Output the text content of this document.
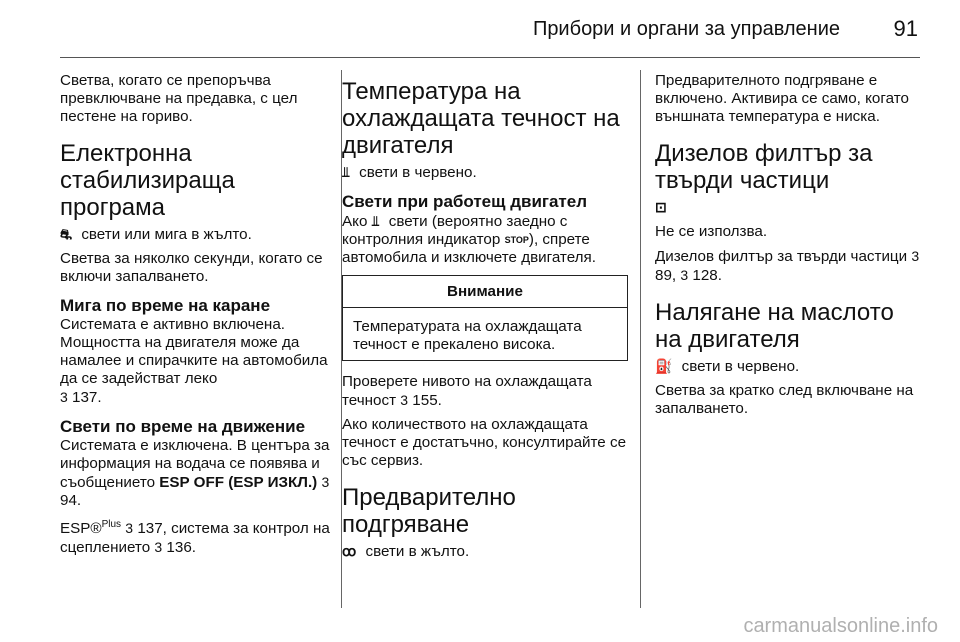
Прибори и органи за управление 91

Светва, когато се препоръчва превключване на предавка, с цел пестене на гориво.

Електронна стабилизираща програма

⛐ свети или мига в жълто.

Светва за няколко секунди, когато се включи запалването.

Мига по време на каране

Системата е активно включена. Мощността на двигателя може да намалее и спирачките на автомобила да се задействат леко
3 137.

Свети по време на движение

Системата е изключена. В центъра за информация на водача се появява и съобщението ESP OFF (ESP ИЗКЛ.) 3 94.

ESP®$^{Plus}$ 3 137, система за контрол на сцеплението 3 136.

Температура на охлаждащата течност на двигателя

⫫ свети в червено.

Свети при работещ двигател

Ако ⫫ свети (вероятно заедно с контролния индикатор STOP), спрете автомобила и изключете двигателя.

Внимание

Температурата на охлаждащата течност е прекалено висока.

Проверете нивото на охлаждащата течност 3 155.

Ако количеството на охлаждащата течност е достатъчно, консултирайте се със сервиз.

Предварително подгряване

ꝏ свети в жълто.

Предварителното подгряване е включено. Активира се само, когато външната температура е ниска.

Дизелов филтър за твърди частици

⊡

Не се използва.

Дизелов филтър за твърди частици 3 89, 3 128.

Налягане на маслото на двигателя

⛽ свети в червено.

Светва за кратко след включване на запалването.

carmanualsonline.info
